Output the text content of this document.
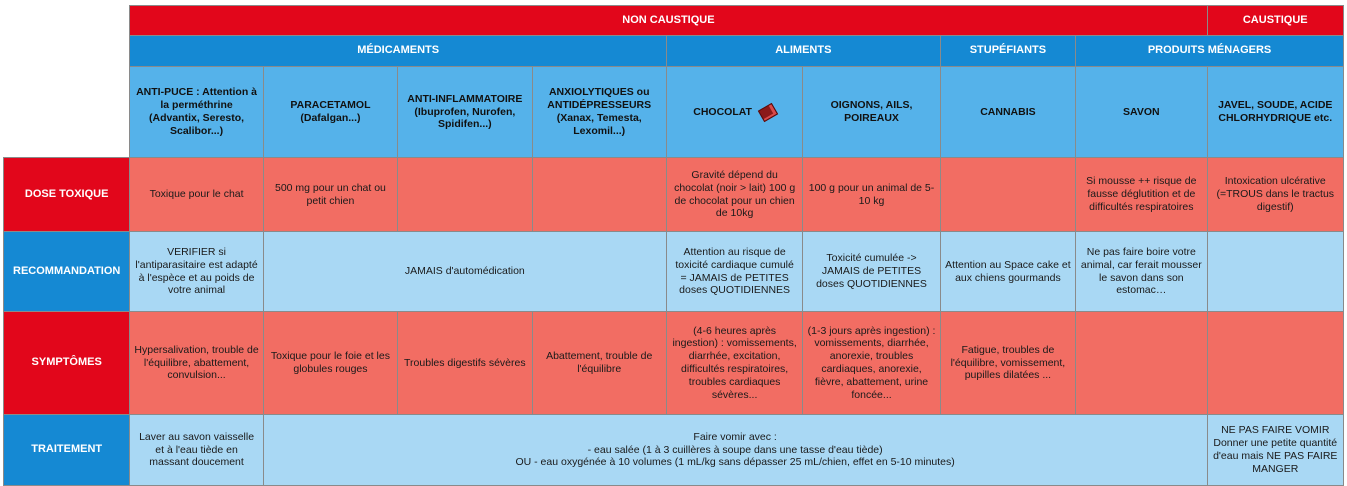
	NON CAUSTIQUE								CAUSTIQUE
	MÉDICAMENTS				ALIMENTS		STUPÉFIANTS	PRODUITS MÉNAGERS	
	ANTI-PUCE : Attention à la perméthrine (Advantix, Seresto, Scalibor...)	PARACETAMOL (Dafalgan...)	ANTI-INFLAMMATOIRE (Ibuprofen, Nurofen, Spidifen...)	ANXIOLYTIQUES ou ANTIDÉPRESSEURS (Xanax, Temesta, Lexomil...)	CHOCOLAT	OIGNONS, AILS, POIREAUX	CANNABIS	SAVON	JAVEL, SOUDE, ACIDE CHLORHYDRIQUE etc.
DOSE TOXIQUE	Toxique pour le chat	500 mg pour un chat ou petit chien			Gravité dépend du chocolat (noir > lait) 100 g de chocolat pour un chien de 10kg	100 g pour un animal de 5-10 kg		Si mousse ++ risque de fausse déglutition et de difficultés respiratoires	Intoxication ulcérative (=TROUS dans le tractus digestif)
RECOMMANDATION	VERIFIER si l'antiparasitaire est adapté à l'espèce et au poids de votre animal	JAMAIS d'automédication			Attention au risque de toxicité cardiaque cumulé = JAMAIS de PETITES doses QUOTIDIENNES	Toxicité cumulée -> JAMAIS de PETITES doses QUOTIDIENNES	Attention au Space cake et aux chiens gourmands	Ne pas faire boire votre animal, car ferait mousser le savon dans son estomac…	
SYMPTÔMES	Hypersalivation, trouble de l'équilibre, abattement, convulsion...	Toxique pour le foie et les globules rouges	Troubles digestifs sévères	Abattement, trouble de l'équilibre	(4-6 heures après ingestion) : vomissements, diarrhée, excitation, difficultés respiratoires, troubles cardiaques sévères...	(1-3 jours après ingestion) : vomissements, diarrhée, anorexie, troubles cardiaques, anorexie, fièvre, abattement, urine foncée...	Fatigue, troubles de l'équilibre, vomissement, pupilles dilatées ...		
TRAITEMENT	Laver au savon vaisselle et à l'eau tiède en massant doucement	Faire vomir avec :
- eau salée (1 à 3 cuillères à soupe dans une tasse d'eau tiède)
OU - eau oxygénée à 10 volumes (1 mL/kg sans dépasser 25 mL/chien, effet en 5-10 minutes)							NE PAS FAIRE VOMIR Donner une petite quantité d'eau mais NE PAS FAIRE MANGER
